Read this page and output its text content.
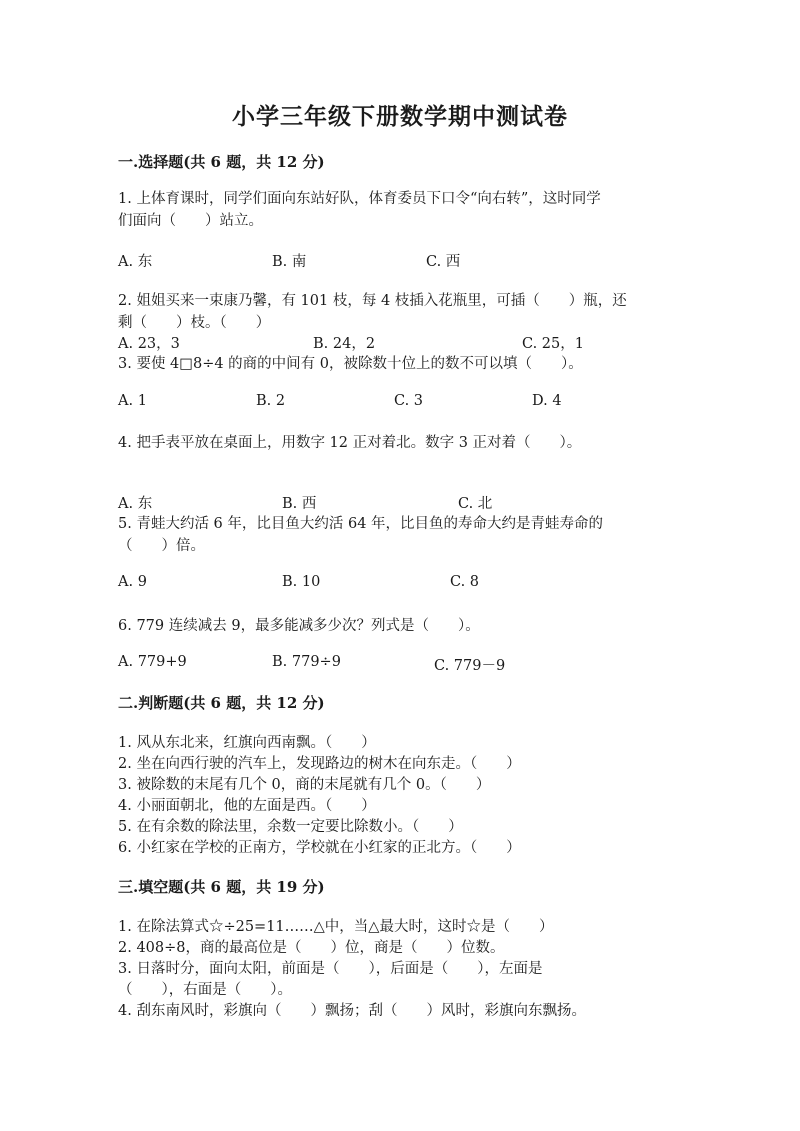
小学三年级下册数学期中测试卷
一.选择题(共 6 题，共 12 分)
1. 上体育课时，同学们面向东站好队，体育委员下口令“向右转”，这时同学
们面向（　　）站立。
A. 东	B. 南	C. 西
2. 姐姐买来一束康乃馨，有 101 枝，每 4 枝插入花瓶里，可插（　　）瓶，还
剩（　　）枝。（　　）
A. 23，3	B. 24，2	C. 25，1
3. 要使 4□8÷4 的商的中间有 0，被除数十位上的数不可以填（　　）。
A. 1	B. 2	C. 3	D. 4
4. 把手表平放在桌面上，用数字 12 正对着北。数字 3 正对着（　　）。
A. 东	B. 西	C. 北
5. 青蛙大约活 6 年，比目鱼大约活 64 年，比目鱼的寿命大约是青蛙寿命的
（　　）倍。
A. 9	B. 10	C. 8
6. 779 连续减去 9，最多能减多少次？列式是（　　）。
A. 779+9	B. 779÷9	C. 779－9
二.判断题(共 6 题，共 12 分)
1. 风从东北来，红旗向西南飘。（　　）
2. 坐在向西行驶的汽车上，发现路边的树木在向东走。（　　）
3. 被除数的末尾有几个 0，商的末尾就有几个 0。（　　）
4. 小丽面朝北，他的左面是西。（　　）
5. 在有余数的除法里，余数一定要比除数小。（　　）
6. 小红家在学校的正南方，学校就在小红家的正北方。（　　）
三.填空题(共 6 题，共 19 分)
1. 在除法算式☆÷25=11……△中，当△最大时，这时☆是（　　）
2. 408÷8，商的最高位是（　　）位，商是（　　）位数。
3. 日落时分，面向太阳，前面是（　　），后面是（　　），左面是
（　　），右面是（　　）。
4. 刮东南风时，彩旗向（　　）飘扬；刮（　　）风时，彩旗向东飘扬。
